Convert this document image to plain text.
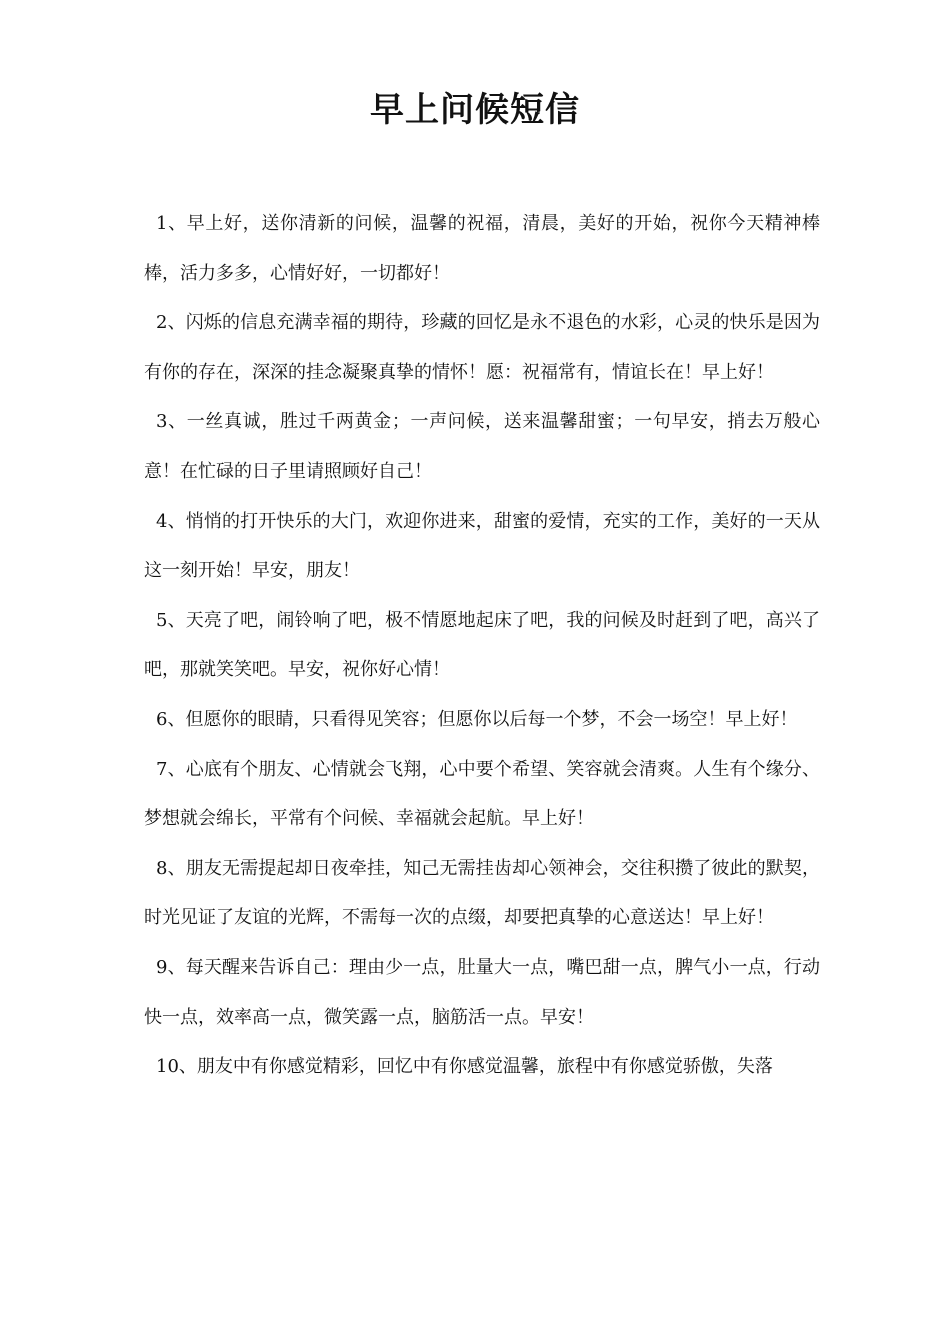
早上问候短信

1、早上好，送你清新的问候，温馨的祝福，清晨，美好的开始，祝你今天精神棒棒，活力多多，心情好好，一切都好！

2、闪烁的信息充满幸福的期待，珍藏的回忆是永不退色的水彩，心灵的快乐是因为有你的存在，深深的挂念凝聚真挚的情怀！愿：祝福常有，情谊长在！早上好！

3、一丝真诚，胜过千两黄金；一声问候，送来温馨甜蜜；一句早安，捎去万般心意！在忙碌的日子里请照顾好自己！

4、悄悄的打开快乐的大门，欢迎你进来，甜蜜的爱情，充实的工作，美好的一天从这一刻开始！早安，朋友！

5、天亮了吧，闹铃响了吧，极不情愿地起床了吧，我的问候及时赶到了吧，高兴了吧，那就笑笑吧。早安，祝你好心情！

6、但愿你的眼睛，只看得见笑容；但愿你以后每一个梦，不会一场空！早上好！

7、心底有个朋友、心情就会飞翔，心中要个希望、笑容就会清爽。人生有个缘分、梦想就会绵长，平常有个问候、幸福就会起航。早上好！

8、朋友无需提起却日夜牵挂，知己无需挂齿却心领神会，交往积攒了彼此的默契，时光见证了友谊的光辉，不需每一次的点缀，却要把真挚的心意送达！早上好！

9、每天醒来告诉自己：理由少一点，肚量大一点，嘴巴甜一点，脾气小一点，行动快一点，效率高一点，微笑露一点，脑筋活一点。早安！

10、朋友中有你感觉精彩，回忆中有你感觉温馨，旅程中有你感觉骄傲，失落
